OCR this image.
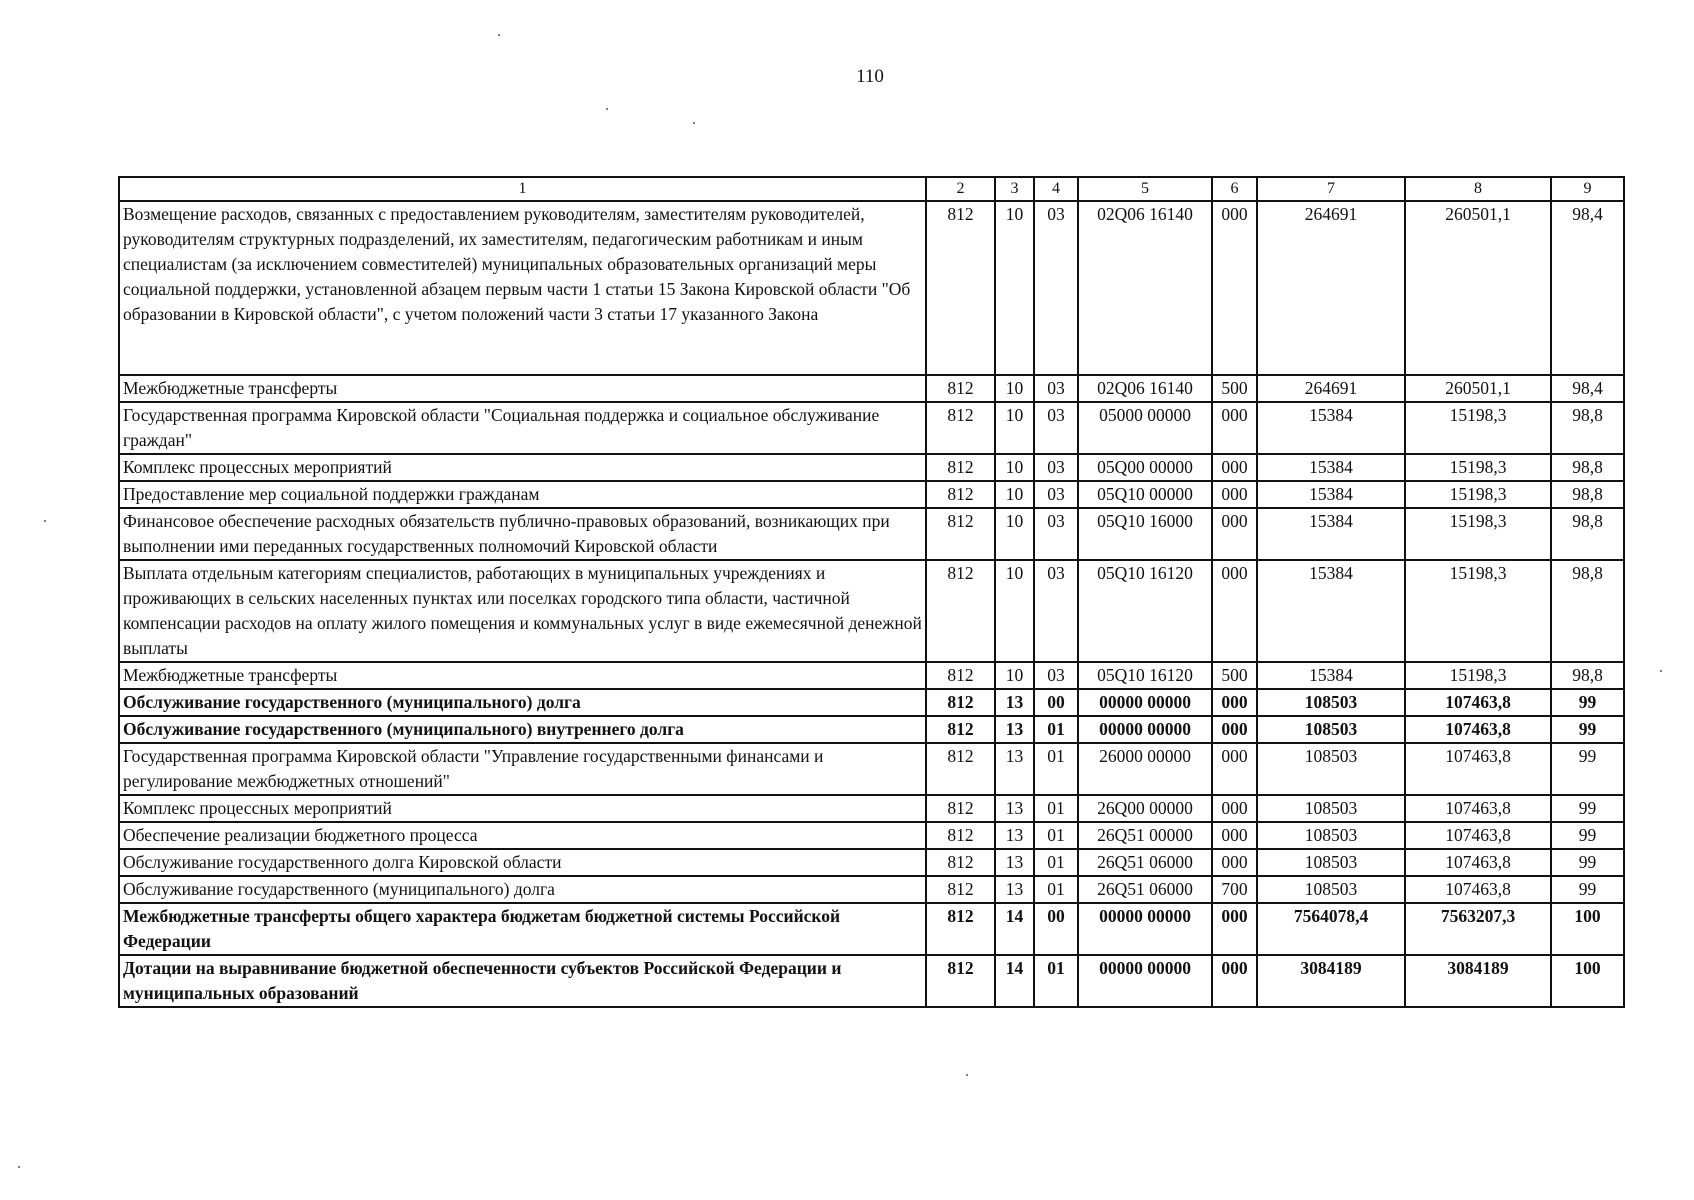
110
1	2	3	4	5	6	7	8	9
Возмещение расходов, связанных с предоставлением руководителям, заместителям руководителей, руководителям структурных подразделений, их заместителям, педагогическим работникам и иным специалистам (за исключением совместителей) муниципальных образовательных организаций меры социальной поддержки, установленной абзацем первым части 1 статьи 15 Закона Кировской области "Об образовании в Кировской области", с учетом положений части 3 статьи 17 указанного Закона	812	10	03	02Q06 16140	000	264691	260501,1	98,4
Межбюджетные трансферты	812	10	03	02Q06 16140	500	264691	260501,1	98,4
Государственная программа Кировской области "Социальная поддержка и социальное обслуживание граждан"	812	10	03	05000 00000	000	15384	15198,3	98,8
Комплекс процессных мероприятий	812	10	03	05Q00 00000	000	15384	15198,3	98,8
Предоставление мер социальной поддержки гражданам	812	10	03	05Q10 00000	000	15384	15198,3	98,8
Финансовое обеспечение расходных обязательств публично-правовых образований, возникающих при выполнении ими переданных государственных полномочий Кировской области	812	10	03	05Q10 16000	000	15384	15198,3	98,8
Выплата отдельным категориям специалистов, работающих в муниципальных учреждениях и проживающих в сельских населенных пунктах или поселках городского типа области, частичной компенсации расходов на оплату жилого помещения и коммунальных услуг в виде ежемесячной денежной выплаты	812	10	03	05Q10 16120	000	15384	15198,3	98,8
Межбюджетные трансферты	812	10	03	05Q10 16120	500	15384	15198,3	98,8
Обслуживание государственного (муниципального) долга	812	13	00	00000 00000	000	108503	107463,8	99
Обслуживание государственного (муниципального) внутреннего долга	812	13	01	00000 00000	000	108503	107463,8	99
Государственная программа Кировской области "Управление государственными финансами и регулирование межбюджетных отношений"	812	13	01	26000 00000	000	108503	107463,8	99
Комплекс процессных мероприятий	812	13	01	26Q00 00000	000	108503	107463,8	99
Обеспечение реализации бюджетного процесса	812	13	01	26Q51 00000	000	108503	107463,8	99
Обслуживание государственного долга Кировской области	812	13	01	26Q51 06000	000	108503	107463,8	99
Обслуживание государственного (муниципального) долга	812	13	01	26Q51 06000	700	108503	107463,8	99
Межбюджетные трансферты общего характера бюджетам бюджетной системы Российской Федерации	812	14	00	00000 00000	000	7564078,4	7563207,3	100
Дотации на выравнивание бюджетной обеспеченности субъектов Российской Федерации и муниципальных образований	812	14	01	00000 00000	000	3084189	3084189	100
